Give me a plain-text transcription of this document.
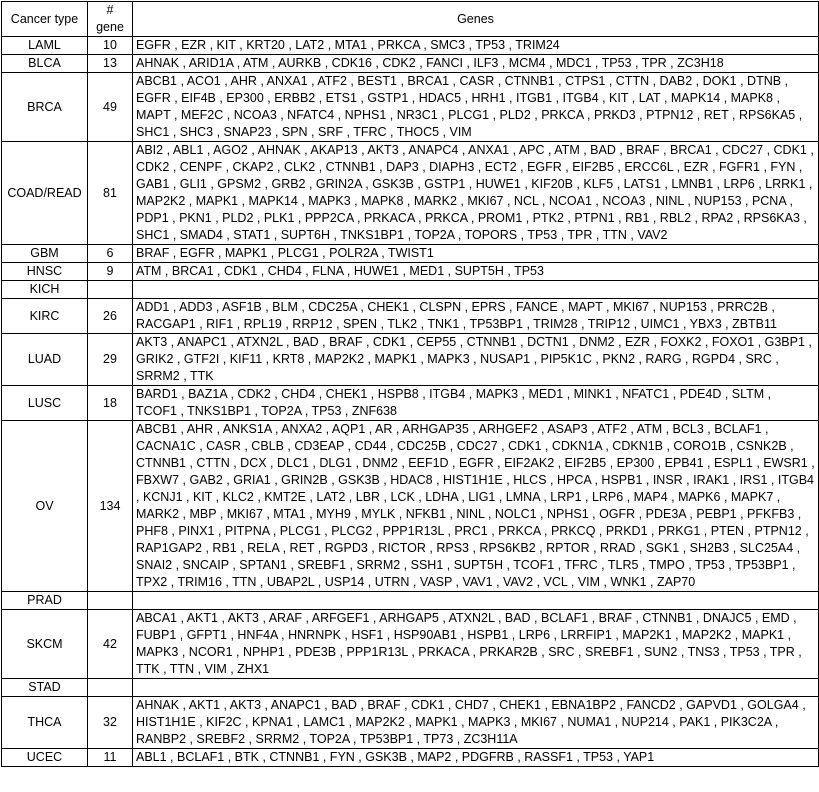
Cancer type	# gene	Genes
LAML	10	EGFR , EZR , KIT , KRT20 , LAT2 , MTA1 , PRKCA , SMC3 , TP53 , TRIM24
BLCA	13	AHNAK , ARID1A , ATM , AURKB , CDK16 , CDK2 , FANCI , ILF3 , MCM4 , MDC1 , TP53 , TPR , ZC3H18
BRCA	49	ABCB1 , ACO1 , AHR , ANXA1 , ATF2 , BEST1 , BRCA1 , CASR , CTNNB1 , CTPS1 , CTTN , DAB2 , DOK1 , DTNB , EGFR , EIF4B , EP300 , ERBB2 , ETS1 , GSTP1 , HDAC5 , HRH1 , ITGB1 , ITGB4 , KIT , LAT , MAPK14 , MAPK8 , MAPT , MEF2C , NCOA3 , NFATC4 , NPHS1 , NR3C1 , PLCG1 , PLD2 , PRKCA , PRKD3 , PTPN12 , RET , RPS6KA5 , SHC1 , SHC3 , SNAP23 , SPN , SRF , TFRC , THOC5 , VIM
COAD/READ	81	ABI2 , ABL1 , AGO2 , AHNAK , AKAP13 , AKT3 , ANAPC4 , ANXA1 , APC , ATM , BAD , BRAF , BRCA1 , CDC27 , CDK1 , CDK2 , CENPF , CKAP2 , CLK2 , CTNNB1 , DAP3 , DIAPH3 , ECT2 , EGFR , EIF2B5 , ERCC6L , EZR , FGFR1 , FYN , GAB1 , GLI1 , GPSM2 , GRB2 , GRIN2A , GSK3B , GSTP1 , HUWE1 , KIF20B , KLF5 , LATS1 , LMNB1 , LRP6 , LRRK1 , MAP2K2 , MAPK1 , MAPK14 , MAPK3 , MAPK8 , MARK2 , MKI67 , NCL , NCOA1 , NCOA3 , NINL , NUP153 , PCNA , PDP1 , PKN1 , PLD2 , PLK1 , PPP2CA , PRKACA , PRKCA , PROM1 , PTK2 , PTPN1 , RB1 , RBL2 , RPA2 , RPS6KA3 , SHC1 , SMAD4 , STAT1 , SUPT6H , TNKS1BP1 , TOP2A , TOPORS , TP53 , TPR , TTN , VAV2
GBM	6	BRAF , EGFR , MAPK1 , PLCG1 , POLR2A , TWIST1
HNSC	9	ATM , BRCA1 , CDK1 , CHD4 , FLNA , HUWE1 , MED1 , SUPT5H , TP53
KICH		
KIRC	26	ADD1 , ADD3 , ASF1B , BLM , CDC25A , CHEK1 , CLSPN , EPRS , FANCE , MAPT , MKI67 , NUP153 , PRRC2B , RACGAP1 , RIF1 , RPL19 , RRP12 , SPEN , TLK2 , TNK1 , TP53BP1 , TRIM28 , TRIP12 , UIMC1 , YBX3 , ZBTB11
LUAD	29	AKT3 , ANAPC1 , ATXN2L , BAD , BRAF , CDK1 , CEP55 , CTNNB1 , DCTN1 , DNM2 , EZR , FOXK2 , FOXO1 , G3BP1 , GRIK2 , GTF2I , KIF11 , KRT8 , MAP2K2 , MAPK1 , MAPK3 , NUSAP1 , PIP5K1C , PKN2 , RARG , RGPD4 , SRC , SRRM2 , TTK
LUSC	18	BARD1 , BAZ1A , CDK2 , CHD4 , CHEK1 , HSPB8 , ITGB4 , MAPK3 , MED1 , MINK1 , NFATC1 , PDE4D , SLTM , TCOF1 , TNKS1BP1 , TOP2A , TP53 , ZNF638
OV	134	ABCB1 , AHR , ANKS1A , ANXA2 , AQP1 , AR , ARHGAP35 , ARHGEF2 , ASAP3 , ATF2 , ATM , BCL3 , BCLAF1 , CACNA1C , CASR , CBLB , CD3EAP , CD44 , CDC25B , CDC27 , CDK1 , CDKN1A , CDKN1B , CORO1B , CSNK2B , CTNNB1 , CTTN , DCX , DLC1 , DLG1 , DNM2 , EEF1D , EGFR , EIF2AK2 , EIF2B5 , EP300 , EPB41 , ESPL1 , EWSR1 , FBXW7 , GAB2 , GRIA1 , GRIN2B , GSK3B , HDAC8 , HIST1H1E , HLCS , HPCA , HSPB1 , INSR , IRAK1 , IRS1 , ITGB4 , KCNJ1 , KIT , KLC2 , KMT2E , LAT2 , LBR , LCK , LDHA , LIG1 , LMNA , LRP1 , LRP6 , MAP4 , MAPK6 , MAPK7 , MARK2 , MBP , MKI67 , MTA1 , MYH9 , MYLK , NFKB1 , NINL , NOLC1 , NPHS1 , OGFR , PDE3A , PEBP1 , PFKFB3 , PHF8 , PINX1 , PITPNA , PLCG1 , PLCG2 , PPP1R13L , PRC1 , PRKCA , PRKCQ , PRKD1 , PRKG1 , PTEN , PTPN12 , RAP1GAP2 , RB1 , RELA , RET , RGPD3 , RICTOR , RPS3 , RPS6KB2 , RPTOR , RRAD , SGK1 , SH2B3 , SLC25A4 , SNAI2 , SNCAIP , SPTAN1 , SREBF1 , SRRM2 , SSH1 , SUPT5H , TCOF1 , TFRC , TLR5 , TMPO , TP53 , TP53BP1 , TPX2 , TRIM16 , TTN , UBAP2L , USP14 , UTRN , VASP , VAV1 , VAV2 , VCL , VIM , WNK1 , ZAP70
PRAD		
SKCM	42	ABCA1 , AKT1 , AKT3 , ARAF , ARFGEF1 , ARHGAP5 , ATXN2L , BAD , BCLAF1 , BRAF , CTNNB1 , DNAJC5 , EMD , FUBP1 , GFPT1 , HNF4A , HNRNPK , HSF1 , HSP90AB1 , HSPB1 , LRP6 , LRRFIP1 , MAP2K1 , MAP2K2 , MAPK1 , MAPK3 , NCOR1 , NPHP1 , PDE3B , PPP1R13L , PRKACA , PRKAR2B , SRC , SREBF1 , SUN2 , TNS3 , TP53 , TPR , TTK , TTN , VIM , ZHX1
STAD		
THCA	32	AHNAK , AKT1 , AKT3 , ANAPC1 , BAD , BRAF , CDK1 , CHD7 , CHEK1 , EBNA1BP2 , FANCD2 , GAPVD1 , GOLGA4 , HIST1H1E , KIF2C , KPNA1 , LAMC1 , MAP2K2 , MAPK1 , MAPK3 , MKI67 , NUMA1 , NUP214 , PAK1 , PIK3C2A , RANBP2 , SREBF2 , SRRM2 , TOP2A , TP53BP1 , TP73 , ZC3H11A
UCEC	11	ABL1 , BCLAF1 , BTK , CTNNB1 , FYN , GSK3B , MAP2 , PDGFRB , RASSF1 , TP53 , YAP1
